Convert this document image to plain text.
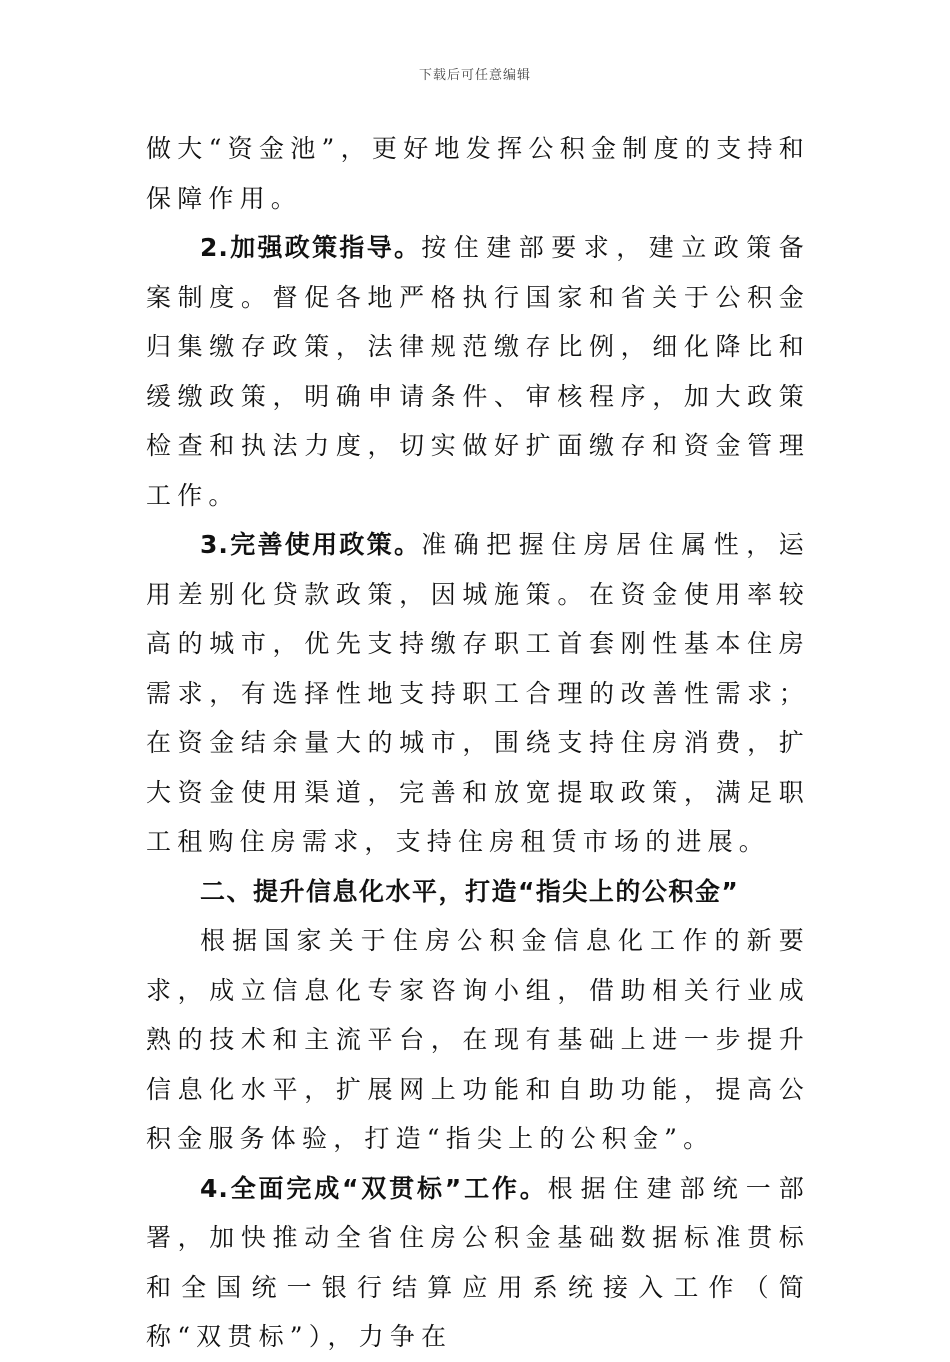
下载后可任意编辑

做大“资金池”，更好地发挥公积金制度的支持和保障作用。

2.加强政策指导。按住建部要求，建立政策备案制度。督促各地严格执行国家和省关于公积金归集缴存政策，法律规范缴存比例，细化降比和缓缴政策，明确申请条件、审核程序，加大政策检查和执法力度，切实做好扩面缴存和资金管理工作。

3.完善使用政策。准确把握住房居住属性，运用差别化贷款政策，因城施策。在资金使用率较高的城市，优先支持缴存职工首套刚性基本住房需求，有选择性地支持职工合理的改善性需求；在资金结余量大的城市，围绕支持住房消费，扩大资金使用渠道，完善和放宽提取政策，满足职工租购住房需求，支持住房租赁市场的进展。

二、提升信息化水平，打造“指尖上的公积金”

根据国家关于住房公积金信息化工作的新要求，成立信息化专家咨询小组，借助相关行业成熟的技术和主流平台，在现有基础上进一步提升信息化水平，扩展网上功能和自助功能，提高公积金服务体验，打造“指尖上的公积金”。

4.全面完成“双贯标”工作。根据住建部统一部署，加快推动全省住房公积金基础数据标准贯标和全国统一银行结算应用系统接入工作（简称“双贯标”），力争在
